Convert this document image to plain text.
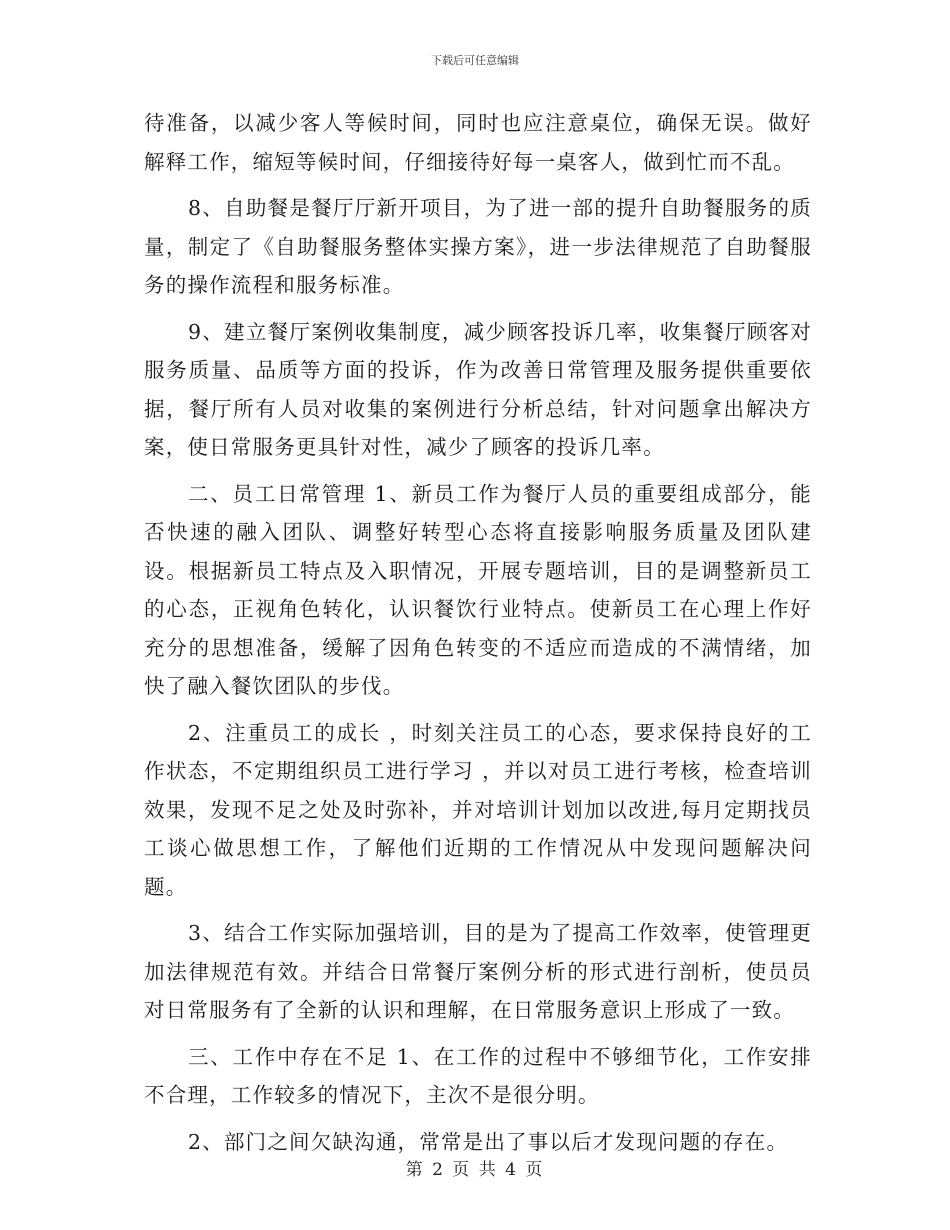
下载后可任意编辑

待准备，以减少客人等候时间，同时也应注意桌位，确保无误。做好解释工作，缩短等候时间，仔细接待好每一桌客人，做到忙而不乱。

8、自助餐是餐厅厅新开项目，为了进一部的提升自助餐服务的质量，制定了《自助餐服务整体实操方案》，进一步法律规范了自助餐服务的操作流程和服务标准。

9、建立餐厅案例收集制度，减少顾客投诉几率，收集餐厅顾客对服务质量、品质等方面的投诉，作为改善日常管理及服务提供重要依据，餐厅所有人员对收集的案例进行分析总结，针对问题拿出解决方案，使日常服务更具针对性，减少了顾客的投诉几率。

二、员工日常管理 1、新员工作为餐厅人员的重要组成部分，能否快速的融入团队、调整好转型心态将直接影响服务质量及团队建设。根据新员工特点及入职情况，开展专题培训，目的是调整新员工的心态，正视角色转化，认识餐饮行业特点。使新员工在心理上作好充分的思想准备，缓解了因角色转变的不适应而造成的不满情绪，加快了融入餐饮团队的步伐。

2、注重员工的成长 ，时刻关注员工的心态，要求保持良好的工作状态，不定期组织员工进行学习 ，并以对员工进行考核，检查培训效果，发现不足之处及时弥补，并对培训计划加以改进,每月定期找员工谈心做思想工作，了解他们近期的工作情况从中发现问题解决问题。

3、结合工作实际加强培训，目的是为了提高工作效率，使管理更加法律规范有效。并结合日常餐厅案例分析的形式进行剖析，使员员对日常服务有了全新的认识和理解，在日常服务意识上形成了一致。

三、工作中存在不足 1、在工作的过程中不够细节化，工作安排不合理，工作较多的情况下，主次不是很分明。

2、部门之间欠缺沟通，常常是出了事以后才发现问题的存在。

第 2 页 共 4 页
